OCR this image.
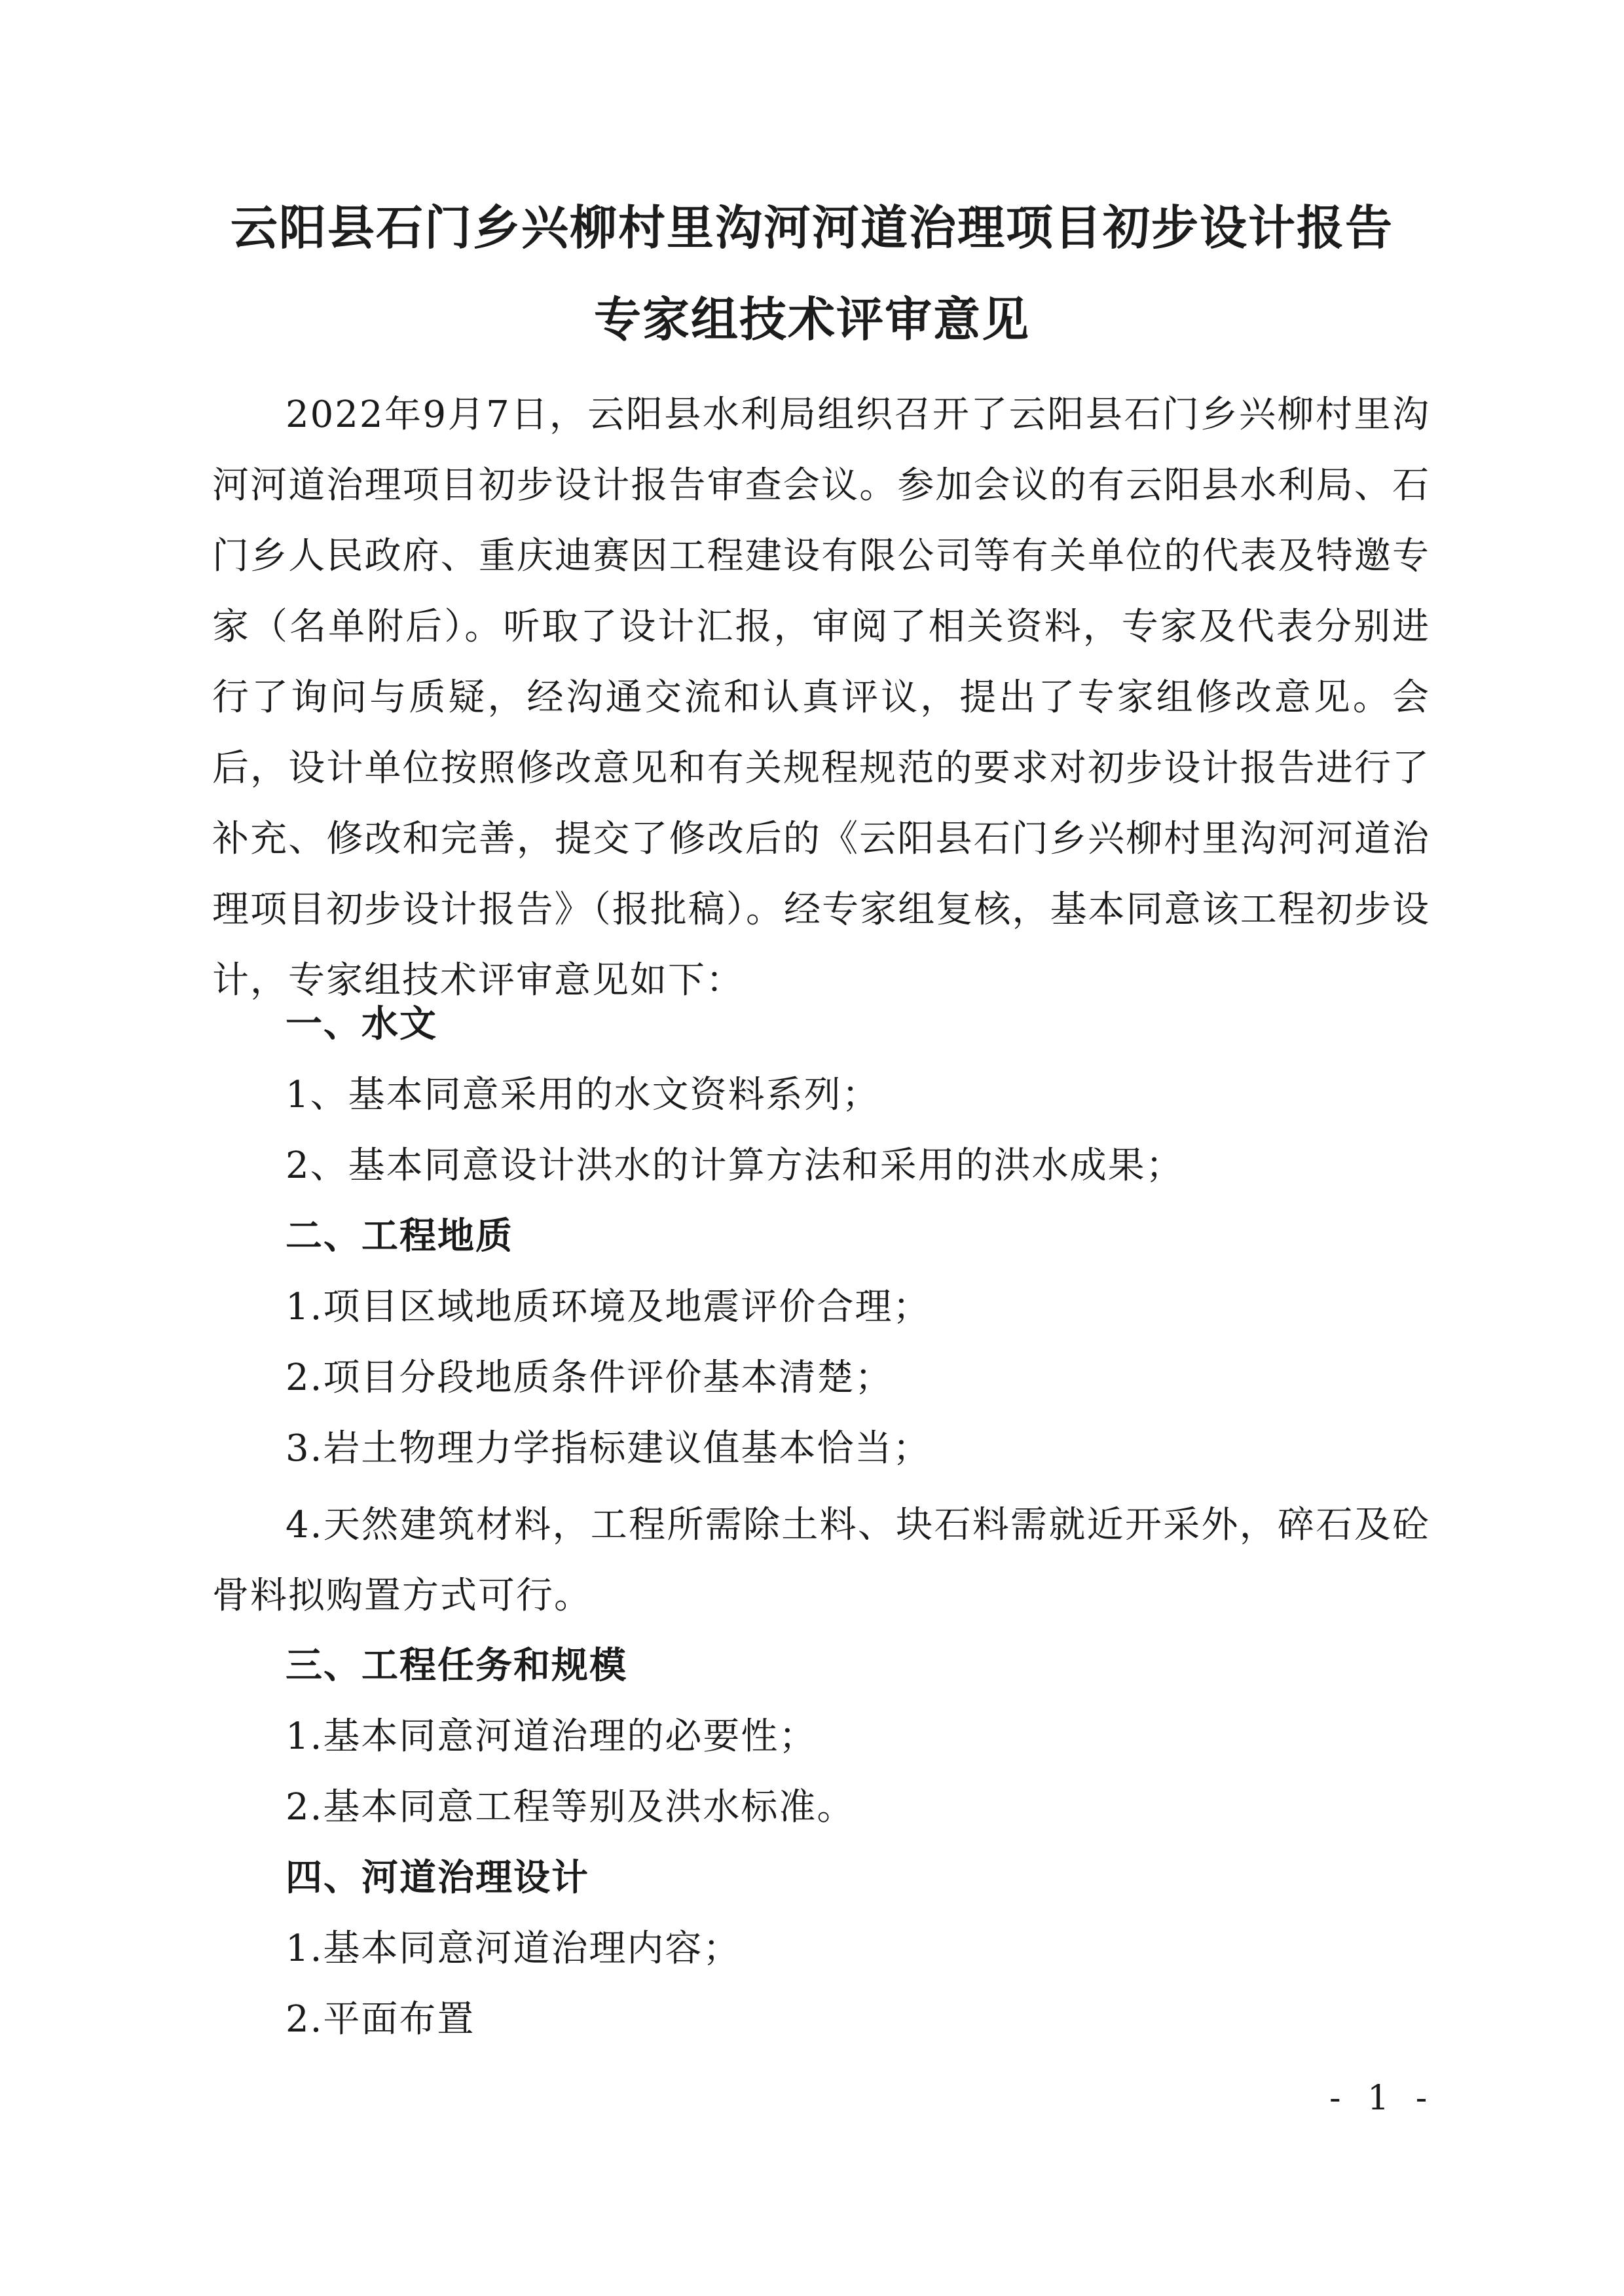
云阳县石门乡兴柳村里沟河河道治理项目初步设计报告
专家组技术评审意见
2022年9月7日，云阳县水利局组织召开了云阳县石门乡兴柳村里沟河河道治理项目初步设计报告审查会议。参加会议的有云阳县水利局、石门乡人民政府、重庆迪赛因工程建设有限公司等有关单位的代表及特邀专家（名单附后）。听取了设计汇报，审阅了相关资料，专家及代表分别进行了询问与质疑，经沟通交流和认真评议，提出了专家组修改意见。会后，设计单位按照修改意见和有关规程规范的要求对初步设计报告进行了补充、修改和完善，提交了修改后的《云阳县石门乡兴柳村里沟河河道治理项目初步设计报告》（报批稿）。经专家组复核，基本同意该工程初步设计，专家组技术评审意见如下：
一、水文
1、基本同意采用的水文资料系列；
2、基本同意设计洪水的计算方法和采用的洪水成果；
二、工程地质
1.项目区域地质环境及地震评价合理；
2.项目分段地质条件评价基本清楚；
3.岩土物理力学指标建议值基本恰当；
4.天然建筑材料，工程所需除土料、块石料需就近开采外，碎石及砼骨料拟购置方式可行。
三、工程任务和规模
1.基本同意河道治理的必要性；
2.基本同意工程等别及洪水标准。
四、河道治理设计
1.基本同意河道治理内容；
2.平面布置
- 1 -
